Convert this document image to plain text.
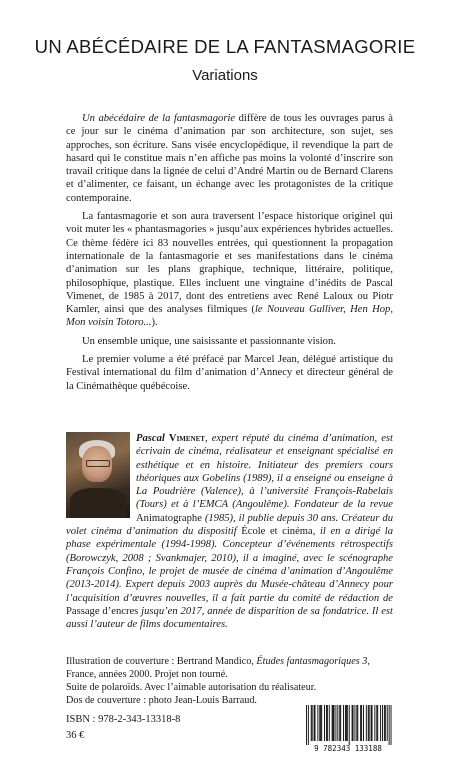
UN ABÉCÉDAIRE DE LA FANTASMAGORIE
Variations

Un abécédaire de la fantasmagorie diffère de tous les ouvrages parus à ce jour sur le cinéma d’animation par son architecture, son sujet, ses approches, son écriture. Sans visée encyclopédique, il revendique la part de hasard qui le constitue mais n’en affiche pas moins la volonté d’inscrire son travail critique dans la lignée de celui d’André Martin ou de Bernard Clarens et d’alimenter, ce faisant, un échange avec les protagonistes de la critique contemporaine.

La fantasmagorie et son aura traversent l’espace historique originel qui voit muter les « phantasmagories » jusqu’aux expériences hybrides actuelles. Ce thème fédère ici 83 nouvelles entrées, qui questionnent la propagation internationale de la fantasmagorie et ses manifestations dans le cinéma d’animation sur les plans graphique, technique, littéraire, politique, philosophique, plastique. Elles incluent une vingtaine d’inédits de Pascal Vimenet, de 1985 à 2017, dont des entretiens avec René Laloux ou Piotr Kamler, ainsi que des analyses filmiques (le Nouveau Gulliver, Hen Hop, Mon voisin Totoro...).

Un ensemble unique, une saisissante et passionnante vision.

Le premier volume a été préfacé par Marcel Jean, délégué artistique du Festival international du film d’animation d’Annecy et directeur général de la Cinémathèque québécoise.

Pascal Vimenet, expert réputé du cinéma d’animation, est écrivain de cinéma, réalisateur et enseignant spécialisé en esthétique et en histoire. Initiateur des premiers cours théoriques aux Gobelins (1989), il a enseigné ou enseigne à La Poudrière (Valence), à l’université François-Rabelais (Tours) et à l’EMCA (Angoulême). Fondateur de la revue Animatographe (1985), il publie depuis 30 ans. Créateur du volet cinéma d’animation du dispositif École et cinéma, il en a dirigé la phase expérimentale (1994-1998). Concepteur d’événements rétrospectifs (Borowczyk, 2008 ; Svankmajer, 2010), il a imaginé, avec le scénographe François Confino, le projet de musée de cinéma d’animation d’Angoulême (2013-2014). Expert depuis 2003 auprès du Musée-château d’Annecy pour l’acquisition d’œuvres nouvelles, il a fait partie du comité de rédaction de Passage d’encres jusqu’en 2017, année de disparition de sa fondatrice. Il est aussi l’auteur de films documentaires.
Illustration de couverture : Bertrand Mandico, Études fantasmagoriques 3, France, années 2000. Projet non tourné.
Suite de polaroïds. Avec l’aimable autorisation du réalisateur.
Dos de couverture : photo Jean-Louis Barraud.
ISBN : 978-2-343-13318-8
36 €
9 782343 133188
